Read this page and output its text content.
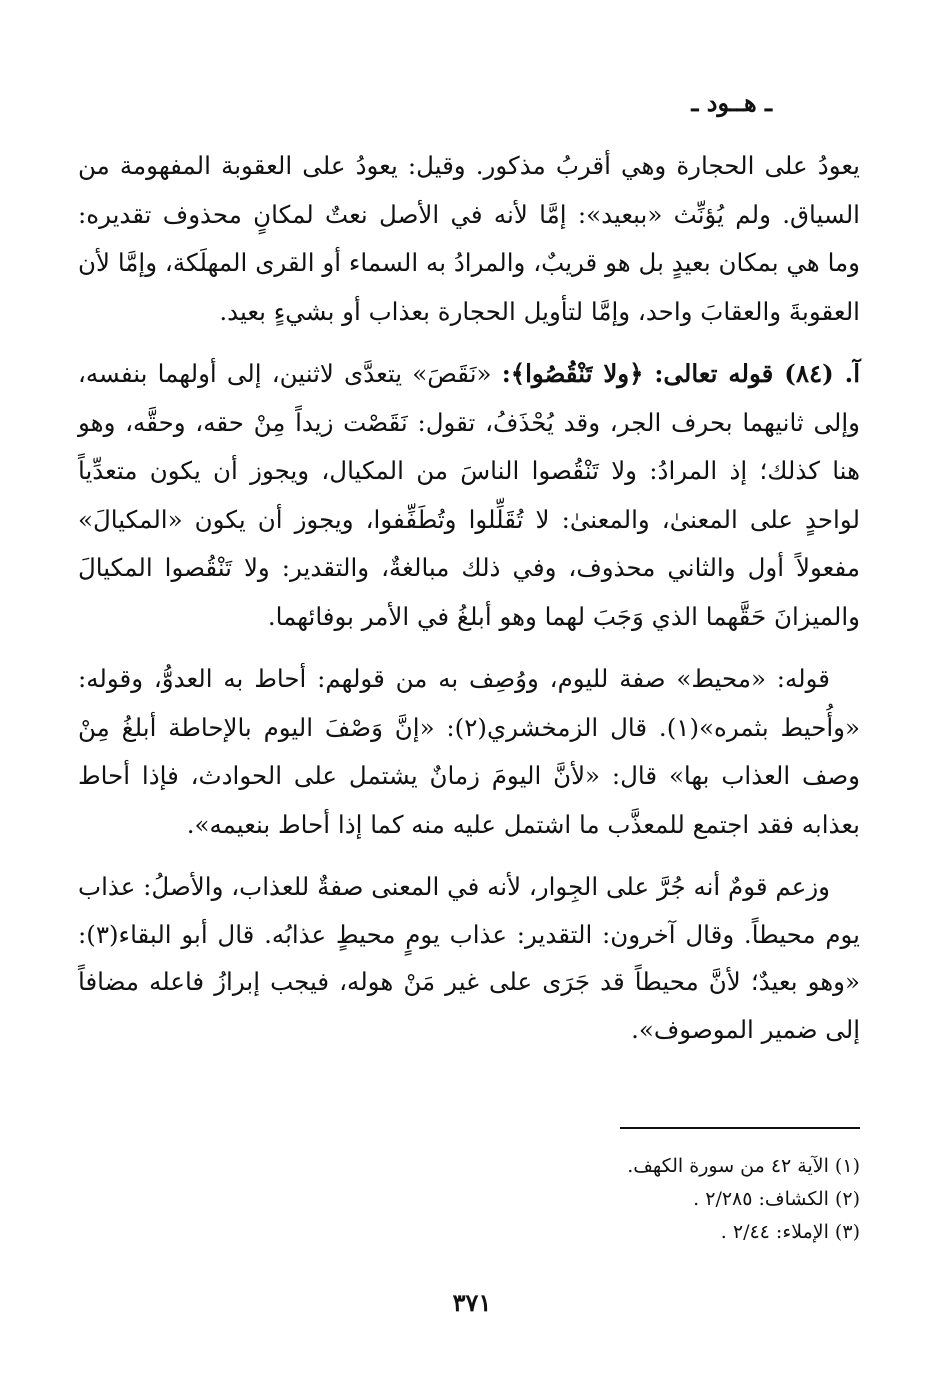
ـ هــود ـ

يعودُ على الحجارة وهي أقربُ مذكور. وقيل: يعودُ على العقوبة المفهومة من السياق. ولم يُؤنِّث «ببعيد»: إمَّا لأنه في الأصل نعتٌ لمكانٍ محذوف تقديره: وما هي بمكان بعيدٍ بل هو قريبٌ، والمرادُ به السماء أو القرى المهلَكة، وإمَّا لأن العقوبةَ والعقابَ واحد، وإمَّا لتأويل الحجارة بعذاب أو بشيءٍ بعيد.

آ. (٨٤) قوله تعالى: ﴿ولا تَنْقُصُوا﴾: «نَقَصَ» يتعدَّى لاثنين، إلى أولهما بنفسه، وإلى ثانيهما بحرف الجر، وقد يُحْذَفُ، تقول: نَقَصْت زيداً مِنْ حقه، وحقَّه، وهو هنا كذلك؛ إذ المرادُ: ولا تَنْقُصوا الناسَ من المكيال، ويجوز أن يكون متعدِّياً لواحدٍ على المعنىٰ، والمعنىٰ: لا تُقَلِّلوا وتُطَفِّفوا، ويجوز أن يكون «المكيالَ» مفعولاً أول والثاني محذوف، وفي ذلك مبالغةٌ، والتقدير: ولا تَنْقُصوا المكيالَ والميزانَ حَقَّهما الذي وَجَبَ لهما وهو أبلغُ في الأمر بوفائهما.

قوله: «محيط» صفة لليوم، ووُصِف به من قولهم: أحاط به العدوُّ، وقوله: «وأُحيط بثمره»(١). قال الزمخشري(٢): «إنَّ وَصْفَ اليوم بالإحاطة أبلغُ مِنْ وصف العذاب بها» قال: «لأنَّ اليومَ زمانٌ يشتمل على الحوادث، فإذا أحاط بعذابه فقد اجتمع للمعذَّب ما اشتمل عليه منه كما إذا أحاط بنعيمه».

وزعم قومٌ أنه جُرَّ على الجِوار، لأنه في المعنى صفةٌ للعذاب، والأصلُ: عذاب يوم محيطاً. وقال آخرون: التقدير: عذاب يومٍ محيطٍ عذابُه. قال أبو البقاء(٣): «وهو بعيدٌ؛ لأنَّ محيطاً قد جَرَى على غير مَنْ هوله، فيجب إبرازُ فاعله مضافاً إلى ضمير الموصوف».

(١) الآية ٤٢ من سورة الكهف.

(٢) الكشاف: ٢/٢٨٥ .

(٣) الإملاء: ٢/٤٤ .

٣٧١
